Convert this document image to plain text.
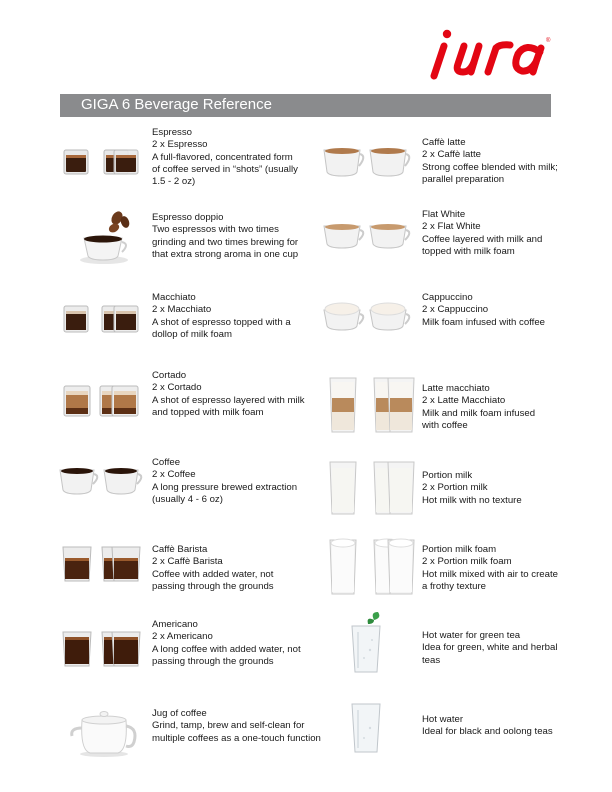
®
GIGA 6 Beverage Reference
Espresso
2 x Espresso
A full-flavored, concentrated form of coffee served in “shots” (usually 1.5 - 2 oz)
Espresso doppio
Two espressos with two times grinding and two times brewing for that extra strong aroma in one cup
Macchiato
2 x Macchiato
A shot of espresso topped with a dollop of milk foam
Cortado
2 x Cortado
A shot of espresso layered with milk and topped with milk foam
Coffee
2 x Coffee
A long pressure brewed extraction (usually 4 - 6 oz)
Caffè Barista
2 x Caffè Barista
Coffee with added water, not passing through the grounds
Americano
2 x Americano
A long coffee with added water, not passing through the grounds
Jug of coffee
Grind, tamp, brew and self-clean for multiple coffees as a one-touch function
Caffè latte
2 x Caffè latte
Strong coffee blended with milk; parallel preparation
Flat White
2 x Flat White
Coffee layered with milk and topped with milk foam
Cappuccino
2 x Cappuccino
Milk foam infused with coffee
Latte macchiato
2 x Latte Macchiato
Milk and milk foam infused with coffee
Portion milk
2 x Portion milk
Hot milk with no texture
Portion milk foam
2 x Portion milk foam
Hot milk mixed with air to create a frothy texture
Hot water for green tea
Idea for green, white and herbal teas
Hot water
Ideal for black and oolong teas
